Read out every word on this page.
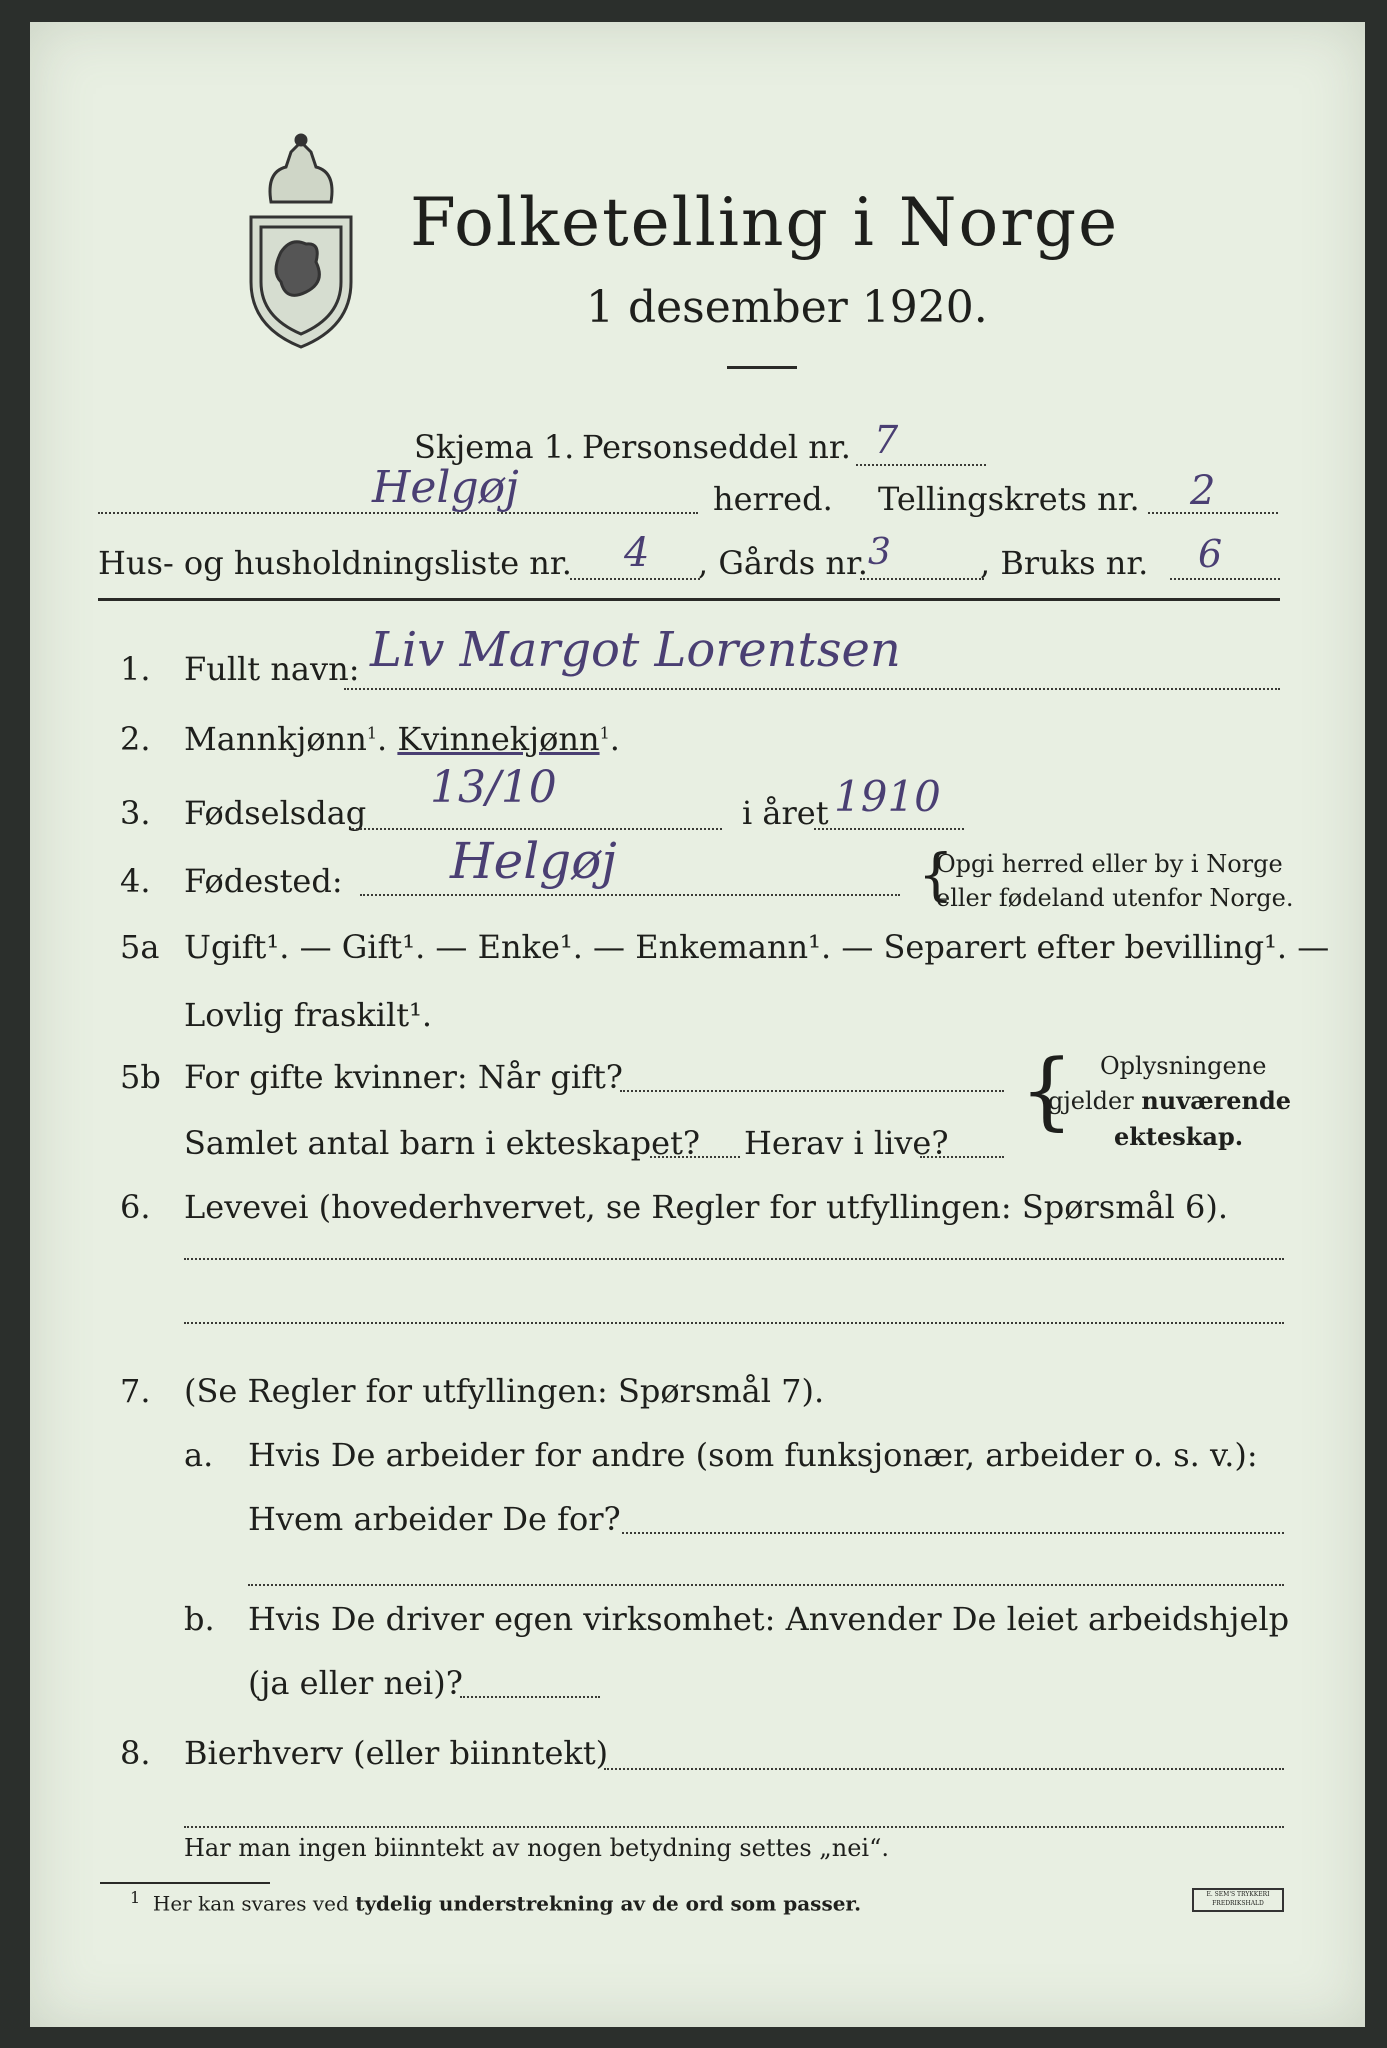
Folketelling i Norge
1 desember 1920.
Skjema 1. Personseddel nr. 7
Helgøj	herred. Tellingskrets nr. 2
Hus- og husholdningsliste nr. 4 , Gårds nr. 3	, Bruks nr. 6
1. Fullt navn: Liv Margot Lorentsen
2. Mannkjønn$^1$. Kvinnekjønn$^1$.
3. Fødselsdag 13/10	i året 1910
4. Fødested: Helgøj	{
Opgi herred eller by i Norge
eller fødeland utenfor Norge.
5a Ugift¹. — Gift¹. — Enke¹. — Enkemann¹. — Separert efter bevilling¹. —
Lovlig fraskilt¹.
5b For gifte kvinner: Når gift?
Samlet antal barn i ekteskapet? Herav i live?
{ Oplysningene
gjelder nuværende
ekteskap.
6. Levevei (hovederhvervet, se Regler for utfyllingen: Spørsmål 6).
7. (Se Regler for utfyllingen: Spørsmål 7).
a. Hvis De arbeider for andre (som funksjonær, arbeider o. s. v.):
Hvem arbeider De for?
b. Hvis De driver egen virksomhet: Anvender De leiet arbeidshjelp
(ja eller nei)?
8. Bierhverv (eller biinntekt)
Har man ingen biinntekt av nogen betydning settes „nei“.
$^1$ Her kan svares ved tydelig understrekning av de ord som passer.	E. SEM'S TRYKKERI
FREDRIKSHALD
